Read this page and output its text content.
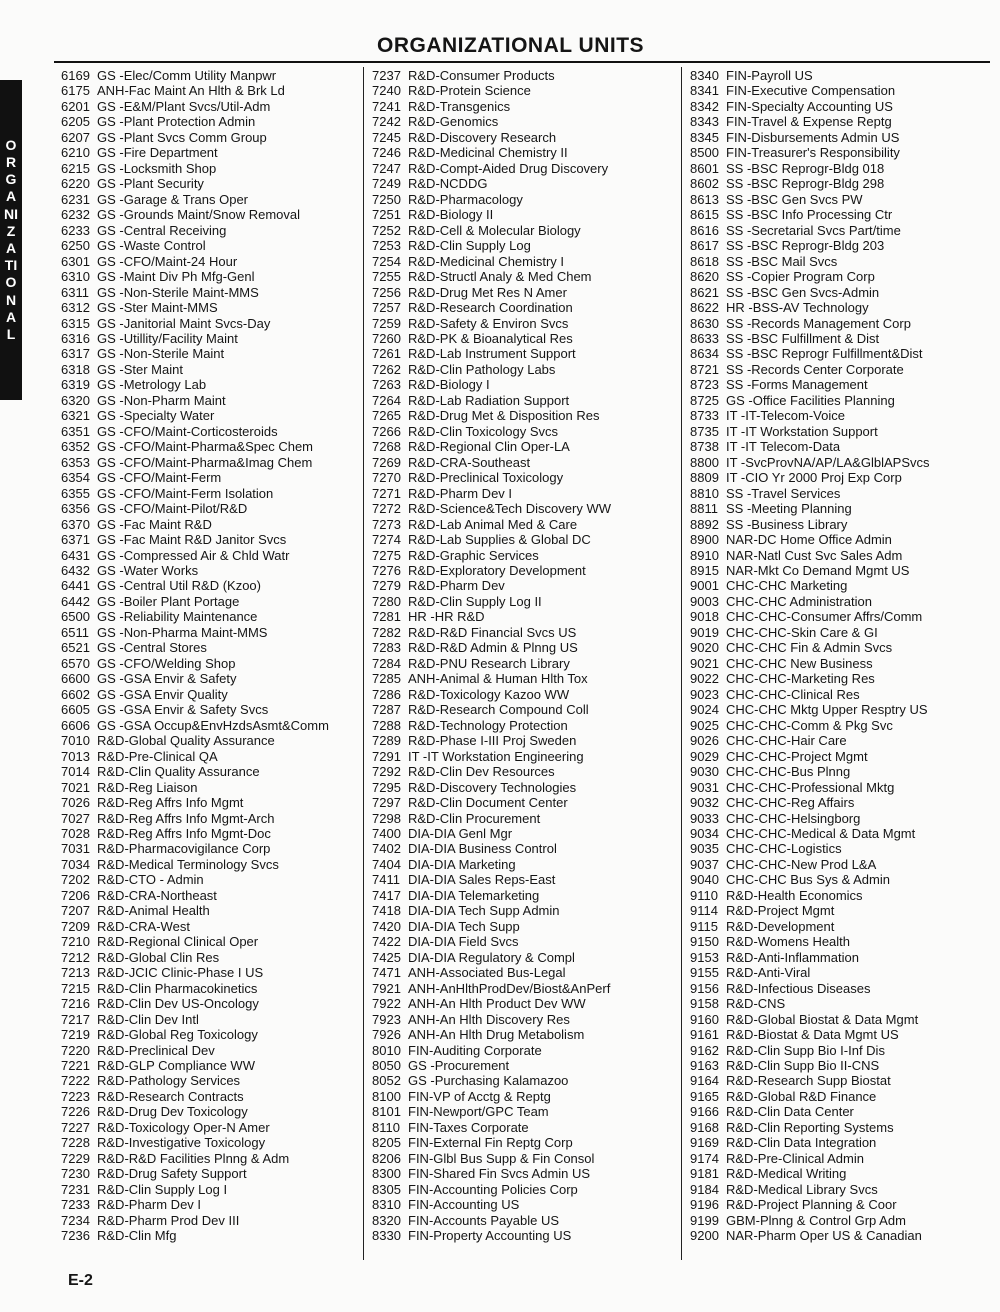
ORGANIZATIONAL
ORGANIZATIONAL UNITS
6169 GS -Elec/Comm Utility Manpwr
6175 ANH-Fac Maint An Hlth & Brk Ld
6201 GS -E&M/Plant Svcs/Util-Adm
6205 GS -Plant Protection Admin
6207 GS -Plant Svcs Comm Group
6210 GS -Fire Department
6215 GS -Locksmith Shop
6220 GS -Plant Security
6231 GS -Garage & Trans Oper
6232 GS -Grounds Maint/Snow Removal
6233 GS -Central Receiving
6250 GS -Waste Control
6301 GS -CFO/Maint-24 Hour
6310 GS -Maint Div Ph Mfg-Genl
6311 GS -Non-Sterile Maint-MMS
6312 GS -Ster Maint-MMS
6315 GS -Janitorial Maint Svcs-Day
6316 GS -Utillity/Facility Maint
6317 GS -Non-Sterile Maint
6318 GS -Ster Maint
6319 GS -Metrology Lab
6320 GS -Non-Pharm Maint
6321 GS -Specialty Water
6351 GS -CFO/Maint-Corticosteroids
6352 GS -CFO/Maint-Pharma&Spec Chem
6353 GS -CFO/Maint-Pharma&Imag Chem
6354 GS -CFO/Maint-Ferm
6355 GS -CFO/Maint-Ferm Isolation
6356 GS -CFO/Maint-Pilot/R&D
6370 GS -Fac Maint R&D
6371 GS -Fac Maint R&D Janitor Svcs
6431 GS -Compressed Air & Chld Watr
6432 GS -Water Works
6441 GS -Central Util R&D (Kzoo)
6442 GS -Boiler Plant Portage
6500 GS -Reliability Maintenance
6511 GS -Non-Pharma Maint-MMS
6521 GS -Central Stores
6570 GS -CFO/Welding Shop
6600 GS -GSA Envir & Safety
6602 GS -GSA Envir Quality
6605 GS -GSA Envir & Safety Svcs
6606 GS -GSA Occup&EnvHzdsAsmt&Comm
7010 R&D-Global Quality Assurance
7013 R&D-Pre-Clinical QA
7014 R&D-Clin Quality Assurance
7021 R&D-Reg Liaison
7026 R&D-Reg Affrs Info Mgmt
7027 R&D-Reg Affrs Info Mgmt-Arch
7028 R&D-Reg Affrs Info Mgmt-Doc
7031 R&D-Pharmacovigilance Corp
7034 R&D-Medical Terminology Svcs
7202 R&D-CTO - Admin
7206 R&D-CRA-Northeast
7207 R&D-Animal Health
7209 R&D-CRA-West
7210 R&D-Regional Clinical Oper
7212 R&D-Global Clin Res
7213 R&D-JCIC Clinic-Phase I US
7215 R&D-Clin Pharmacokinetics
7216 R&D-Clin Dev US-Oncology
7217 R&D-Clin Dev Intl
7219 R&D-Global Reg Toxicology
7220 R&D-Preclinical Dev
7221 R&D-GLP Compliance WW
7222 R&D-Pathology Services
7223 R&D-Research Contracts
7226 R&D-Drug Dev Toxicology
7227 R&D-Toxicology Oper-N Amer
7228 R&D-Investigative Toxicology
7229 R&D-R&D Facilities Plnng & Adm
7230 R&D-Drug Safety Support
7231 R&D-Clin Supply Log I
7233 R&D-Pharm Dev I
7234 R&D-Pharm Prod Dev III
7236 R&D-Clin Mfg
7237 R&D-Consumer Products
7240 R&D-Protein Science
7241 R&D-Transgenics
7242 R&D-Genomics
7245 R&D-Discovery Research
7246 R&D-Medicinal Chemistry II
7247 R&D-Compt-Aided Drug Discovery
7249 R&D-NCDDG
7250 R&D-Pharmacology
7251 R&D-Biology II
7252 R&D-Cell & Molecular Biology
7253 R&D-Clin Supply Log
7254 R&D-Medicinal Chemistry I
7255 R&D-Structl Analy & Med Chem
7256 R&D-Drug Met Res N Amer
7257 R&D-Research Coordination
7259 R&D-Safety & Environ Svcs
7260 R&D-PK & Bioanalytical Res
7261 R&D-Lab Instrument Support
7262 R&D-Clin Pathology Labs
7263 R&D-Biology I
7264 R&D-Lab Radiation Support
7265 R&D-Drug Met & Disposition Res
7266 R&D-Clin Toxicology Svcs
7268 R&D-Regional Clin Oper-LA
7269 R&D-CRA-Southeast
7270 R&D-Preclinical Toxicology
7271 R&D-Pharm Dev I
7272 R&D-Science&Tech Discovery WW
7273 R&D-Lab Animal Med & Care
7274 R&D-Lab Supplies & Global DC
7275 R&D-Graphic Services
7276 R&D-Exploratory Development
7279 R&D-Pharm Dev
7280 R&D-Clin Supply Log II
7281 HR -HR R&D
7282 R&D-R&D Financial Svcs US
7283 R&D-R&D Admin & Plnng US
7284 R&D-PNU Research Library
7285 ANH-Animal & Human Hlth Tox
7286 R&D-Toxicology Kazoo WW
7287 R&D-Research Compound Coll
7288 R&D-Technology Protection
7289 R&D-Phase I-III Proj Sweden
7291 IT -IT Workstation Engineering
7292 R&D-Clin Dev Resources
7295 R&D-Discovery Technologies
7297 R&D-Clin Document Center
7298 R&D-Clin Procurement
7400 DIA-DIA Genl Mgr
7402 DIA-DIA Business Control
7404 DIA-DIA Marketing
7411 DIA-DIA Sales Reps-East
7417 DIA-DIA Telemarketing
7418 DIA-DIA Tech Supp Admin
7420 DIA-DIA Tech Supp
7422 DIA-DIA Field Svcs
7425 DIA-DIA Regulatory & Compl
7471 ANH-Associated Bus-Legal
7921 ANH-AnHlthProdDev/Biost&AnPerf
7922 ANH-An Hlth Product Dev WW
7923 ANH-An Hlth Discovery Res
7926 ANH-An Hlth Drug Metabolism
8010 FIN-Auditing Corporate
8050 GS -Procurement
8052 GS -Purchasing Kalamazoo
8100 FIN-VP of Acctg & Reptg
8101 FIN-Newport/GPC Team
8110 FIN-Taxes Corporate
8205 FIN-External Fin Reptg Corp
8206 FIN-Glbl Bus Supp & Fin Consol
8300 FIN-Shared Fin Svcs Admin US
8305 FIN-Accounting Policies Corp
8310 FIN-Accounting US
8320 FIN-Accounts Payable US
8330 FIN-Property Accounting US
8340 FIN-Payroll US
8341 FIN-Executive Compensation
8342 FIN-Specialty Accounting US
8343 FIN-Travel & Expense Reptg
8345 FIN-Disbursements Admin US
8500 FIN-Treasurer's Responsibility
8601 SS -BSC Reprogr-Bldg 018
8602 SS -BSC Reprogr-Bldg 298
8613 SS -BSC Gen Svcs PW
8615 SS -BSC Info Processing Ctr
8616 SS -Secretarial Svcs Part/time
8617 SS -BSC Reprogr-Bldg 203
8618 SS -BSC Mail Svcs
8620 SS -Copier Program Corp
8621 SS -BSC Gen Svcs-Admin
8622 HR -BSS-AV Technology
8630 SS -Records Management Corp
8633 SS -BSC Fulfillment & Dist
8634 SS -BSC Reprogr Fulfillment&Dist
8721 SS -Records Center Corporate
8723 SS -Forms Management
8725 GS -Office Facilities Planning
8733 IT -IT-Telecom-Voice
8735 IT -IT Workstation Support
8738 IT -IT Telecom-Data
8800 IT -SvcProvNA/AP/LA&GlblAPSvcs
8809 IT -CIO Yr 2000 Proj Exp Corp
8810 SS -Travel Services
8811 SS -Meeting Planning
8892 SS -Business Library
8900 NAR-DC Home Office Admin
8910 NAR-Natl Cust Svc Sales Adm
8915 NAR-Mkt Co Demand Mgmt US
9001 CHC-CHC Marketing
9003 CHC-CHC Administration
9018 CHC-CHC-Consumer Affrs/Comm
9019 CHC-CHC-Skin Care & GI
9020 CHC-CHC Fin & Admin Svcs
9021 CHC-CHC New Business
9022 CHC-CHC-Marketing Res
9023 CHC-CHC-Clinical Res
9024 CHC-CHC Mktg Upper Resptry US
9025 CHC-CHC-Comm & Pkg Svc
9026 CHC-CHC-Hair Care
9029 CHC-CHC-Project Mgmt
9030 CHC-CHC-Bus Plnng
9031 CHC-CHC-Professional Mktg
9032 CHC-CHC-Reg Affairs
9033 CHC-CHC-Helsingborg
9034 CHC-CHC-Medical & Data Mgmt
9035 CHC-CHC-Logistics
9037 CHC-CHC-New Prod L&A
9040 CHC-CHC Bus Sys & Admin
9110 R&D-Health Economics
9114 R&D-Project Mgmt
9115 R&D-Development
9150 R&D-Womens Health
9153 R&D-Anti-Inflammation
9155 R&D-Anti-Viral
9156 R&D-Infectious Diseases
9158 R&D-CNS
9160 R&D-Global Biostat & Data Mgmt
9161 R&D-Biostat & Data Mgmt US
9162 R&D-Clin Supp Bio I-Inf Dis
9163 R&D-Clin Supp Bio II-CNS
9164 R&D-Research Supp Biostat
9165 R&D-Global R&D Finance
9166 R&D-Clin Data Center
9168 R&D-Clin Reporting Systems
9169 R&D-Clin Data Integration
9174 R&D-Pre-Clinical Admin
9181 R&D-Medical Writing
9184 R&D-Medical Library Svcs
9196 R&D-Project Planning & Coor
9199 GBM-Plnng & Control Grp Adm
9200 NAR-Pharm Oper US & Canadian
E-2
